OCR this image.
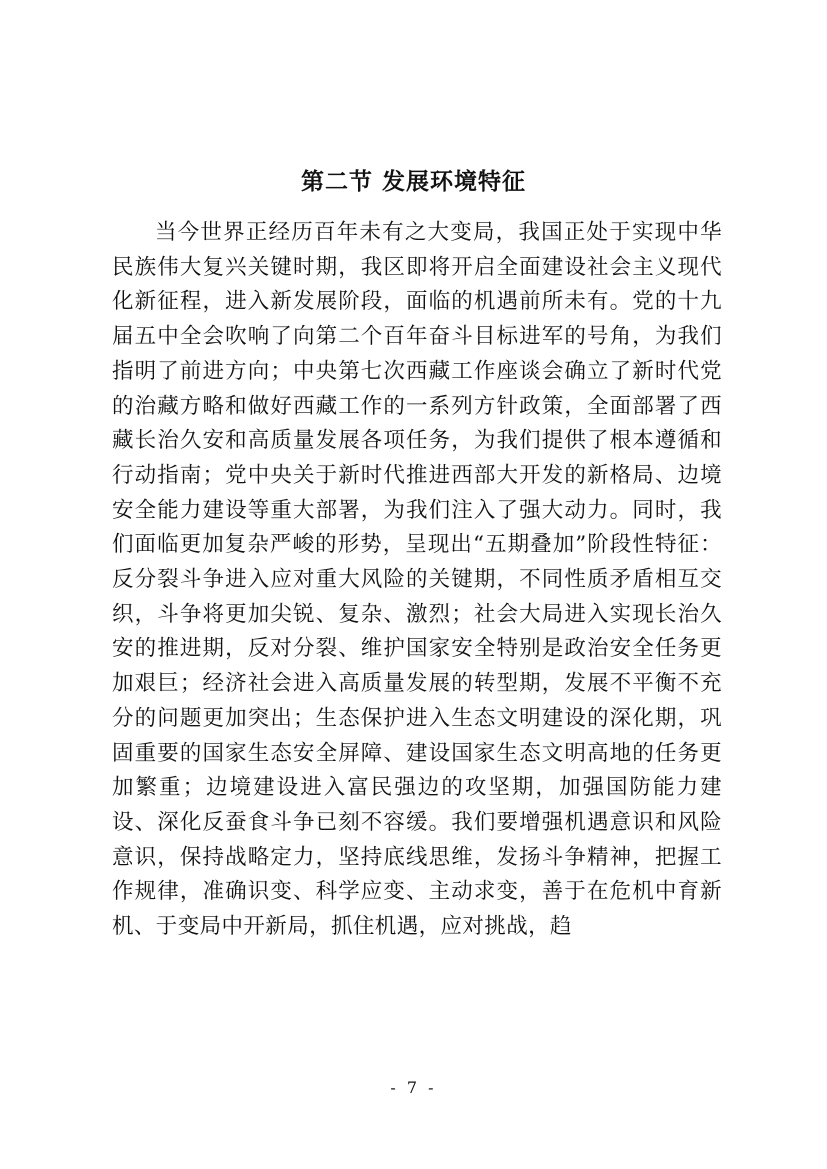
第二节 发展环境特征

当今世界正经历百年未有之大变局，我国正处于实现中华民族伟大复兴关键时期，我区即将开启全面建设社会主义现代化新征程，进入新发展阶段，面临的机遇前所未有。党的十九届五中全会吹响了向第二个百年奋斗目标进军的号角，为我们指明了前进方向；中央第七次西藏工作座谈会确立了新时代党的治藏方略和做好西藏工作的一系列方针政策，全面部署了西藏长治久安和高质量发展各项任务，为我们提供了根本遵循和行动指南；党中央关于新时代推进西部大开发的新格局、边境安全能力建设等重大部署，为我们注入了强大动力。同时，我们面临更加复杂严峻的形势，呈现出“五期叠加”阶段性特征：反分裂斗争进入应对重大风险的关键期，不同性质矛盾相互交织，斗争将更加尖锐、复杂、激烈；社会大局进入实现长治久安的推进期，反对分裂、维护国家安全特别是政治安全任务更加艰巨；经济社会进入高质量发展的转型期，发展不平衡不充分的问题更加突出；生态保护进入生态文明建设的深化期，巩固重要的国家生态安全屏障、建设国家生态文明高地的任务更加繁重；边境建设进入富民强边的攻坚期，加强国防能力建设、深化反蚕食斗争已刻不容缓。我们要增强机遇意识和风险意识，保持战略定力，坚持底线思维，发扬斗争精神，把握工作规律，准确识变、科学应变、主动求变，善于在危机中育新机、于变局中开新局，抓住机遇，应对挑战，趋

- 7 -
